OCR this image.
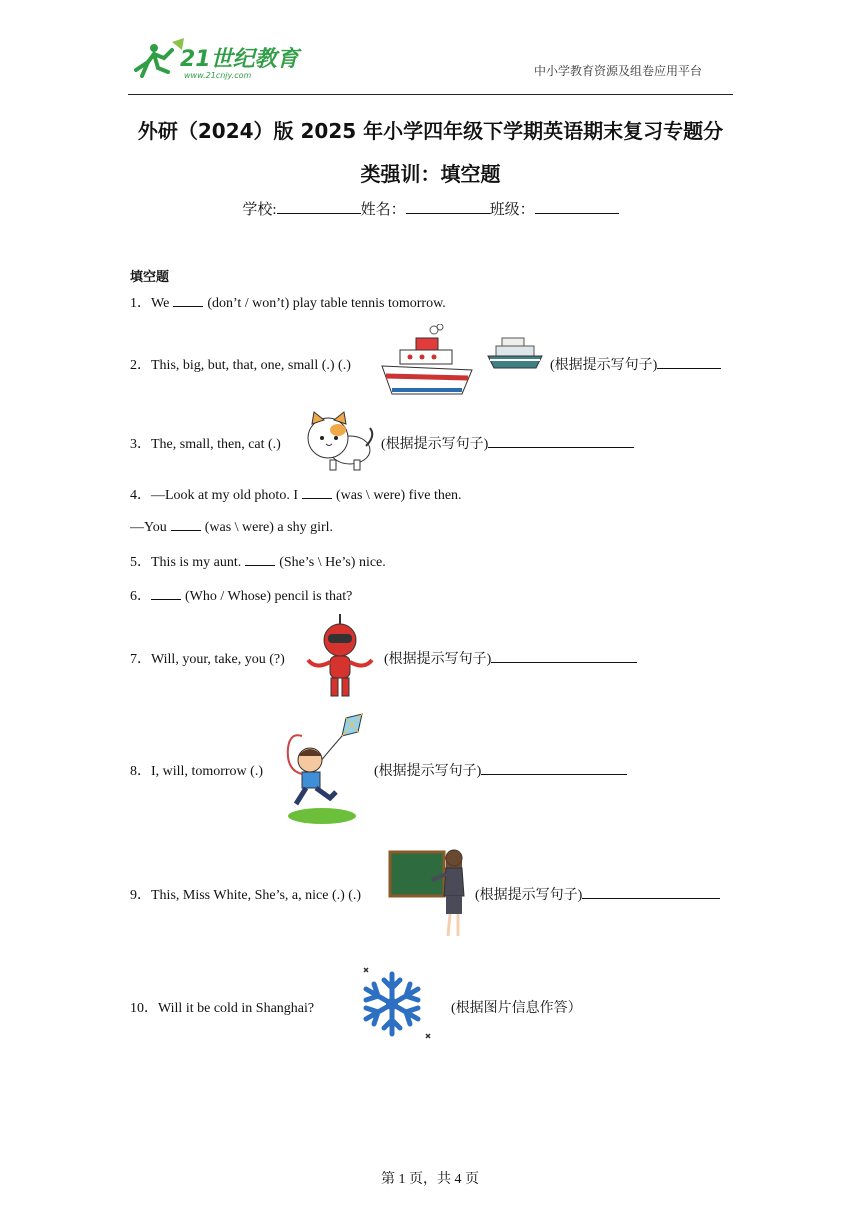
21世纪教育
www.21cnjy.com	中小学教育资源及组卷应用平台
外研（2024）版 2025 年小学四年级下学期英语期末复习专题分
类强训：填空题
学校:	姓名：	班级：
填空题
1．We	(don’t / won’t) play table tennis tomorrow.
2．This, big, but, that, one, small (.) (.)	(根据提示写句子)
3．The, small, then, cat (.)	(根据提示写句子)
4．—Look at my old photo. I	(was \ were) five then.
—You	(was \ were) a shy girl.
5．This is my aunt.	(She’s \ He’s) nice.
6． (Who / Whose) pencil is that?
7．Will, your, take, you (?)	(根据提示写句子)
8．I, will, tomorrow (.)	(根据提示写句子)
9．This, Miss White, She’s, a, nice (.) (.)	(根据提示写句子)
10．Will it be cold in Shanghai?	(根据图片信息作答）
第 1 页，共 4 页
